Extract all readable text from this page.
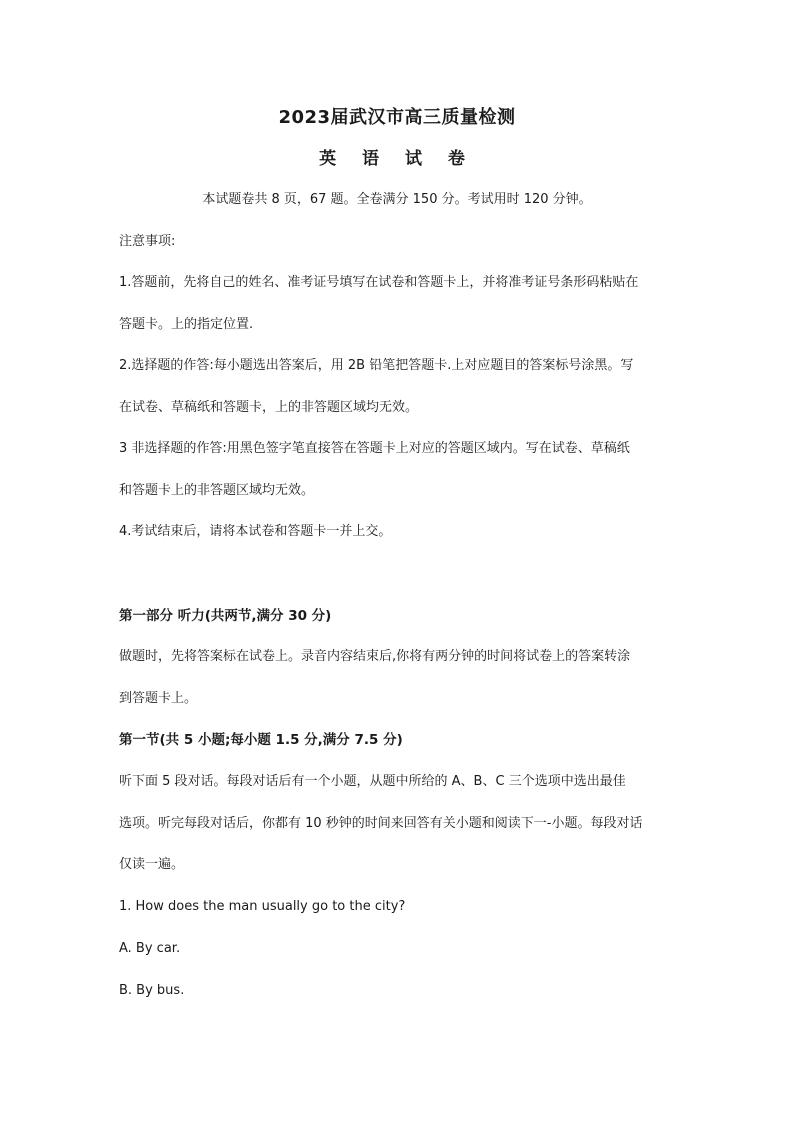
2023届武汉市高三质量检测
英 语 试 卷
本试题卷共 8 页，67 题。全卷满分 150 分。考试用时 120 分钟。
注意事项:
1.答题前，先将自己的姓名、准考证号填写在试卷和答题卡上，并将准考证号条形码粘贴在
答题卡。上的指定位置.
2.选择题的作答:每小题选出答案后，用 2B 铅笔把答题卡.上对应题目的答案标号涂黑。写
在试卷、草稿纸和答题卡，上的非答题区域均无效。
3 非选择题的作答:用黑色签字笔直接答在答题卡上对应的答题区域内。写在试卷、草稿纸
和答题卡上的非答题区域均无效。
4.考试结束后，请将本试卷和答题卡一并上交。
第一部分 听力(共两节,满分 30 分)
做题时，先将答案标在试卷上。录音内容结束后,你将有两分钟的时间将试卷上的答案转涂
到答题卡上。
第一节(共 5 小题;每小题 1.5 分,满分 7.5 分)
听下面 5 段对话。每段对话后有一个小题，从题中所给的 A、B、C 三个选项中选出最佳
选项。听完每段对话后，你都有 10 秒钟的时间来回答有关小题和阅读下一-小题。每段对话
仅读一遍。
1. How does the man usually go to the city?
A. By car.
B. By bus.
